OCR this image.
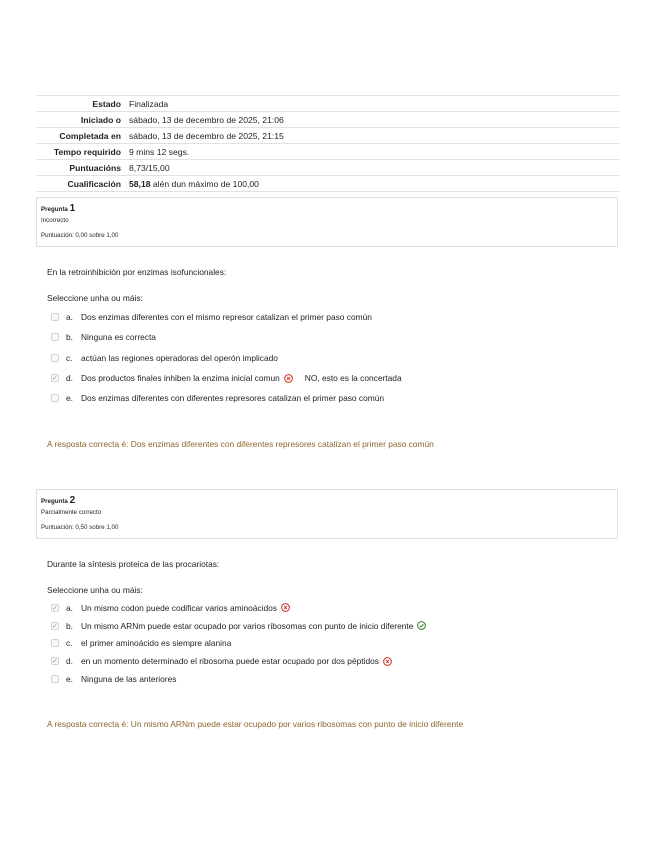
Estado	Finalizada
Iniciado o	sábado, 13 de decembro de 2025, 21:06
Completada en	sábado, 13 de decembro de 2025, 21:15
Tempo requirido	9 mins 12 segs.
Puntuacións	8,73/15,00
Cualificación	58,18 alén dun máximo de 100,00
Pregunta 1
Incorrecto
Puntuación: 0,00 sobre 1,00
En la retroinhibición por enzimas isofuncionales:
Seleccione unha ou máis:
a. Dos enzimas diferentes con el mismo represor catalizan el primer paso común
b. Ninguna es correcta
c.	actúan las regiones operadoras del operón implicado
✓ d. Dos productos finales inhiben la enzima inicial comun	NO, esto es la concertada
e. Dos enzimas diferentes con diferentes represores catalizan el primer paso común
A resposta correcta é: Dos enzimas diferentes con diferentes represores catalizan el primer paso común
Pregunta 2
Parcialmente correcto
Puntuación: 0,50 sobre 1,00
Durante la síntesis proteica de las procariotas:
Seleccione unha ou máis:
✓ a. Un mismo codon puede codificar varios aminoácidos
✓ b. Un mismo ARNm puede estar ocupado por varios ribosomas con punto de inicio diferente
c.	el primer aminoácido es siempre alanina
✓ d. en un momento determinado el ribosoma puede estar ocupado por dos péptidos
e. Ninguna de las anteriores
A resposta correcta é: Un mismo ARNm puede estar ocupado por varios ribosomas con punto de inicio diferente
